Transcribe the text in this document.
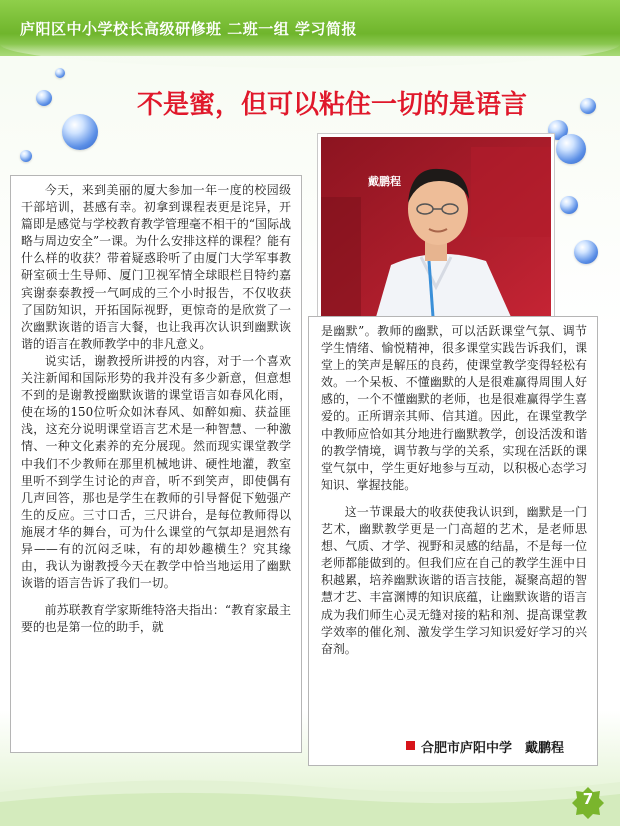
庐阳区中小学校长高级研修班 二班一组 学习简报
不是蜜，但可以粘住一切的是语言

今天，来到美丽的厦大参加一年一度的校园级干部培训，甚感有幸。初拿到课程表更是诧异，开篇即是感觉与学校教育教学管理毫不相干的“国际战略与周边安全”一课。为什么安排这样的课程？能有什么样的收获？带着疑惑聆听了由厦门大学军事教研室硕士生导师、厦门卫视军情全球眼栏目特约嘉宾谢泰泰教授一气呵成的三个小时报告，不仅收获了国防知识，开拓国际视野，更惊奇的是欣赏了一次幽默诙谐的语言大餐，也让我再次认识到幽默诙谐的语言在教师教学中的非凡意义。

说实话，谢教授所讲授的内容，对于一个喜欢关注新闻和国际形势的我并没有多少新意，但意想不到的是谢教授幽默诙谐的课堂语言如春风化雨，使在场的150位听众如沐春风、如醉如痴、获益匪浅，这充分说明课堂语言艺术是一种智慧、一种激情、一种文化素养的充分展现。然而现实课堂教学中我们不少教师在那里机械地讲、硬性地灌，教室里听不到学生讨论的声音，听不到笑声，即使偶有几声回答，那也是学生在教师的引导督促下勉强产生的反应。三寸口舌，三尺讲台，是每位教师得以施展才华的舞台，可为什么课堂的气氛却是迥然有异——有的沉闷乏味，有的却妙趣横生？究其缘由，我认为谢教授今天在教学中恰当地运用了幽默诙谐的语言告诉了我们一切。

前苏联教育学家斯维特洛夫指出：“教育家最主要的也是第一位的助手，就

戴鹏程

是幽默”。教师的幽默，可以活跃课堂气氛、调节学生情绪、愉悦精神，很多课堂实践告诉我们，课堂上的笑声是解压的良药，使课堂教学变得轻松有效。一个呆板、不懂幽默的人是很难赢得周围人好感的，一个不懂幽默的老师，也是很难赢得学生喜爱的。正所谓亲其师、信其道。因此，在课堂教学中教师应恰如其分地进行幽默教学，创设活泼和谐的教学情境，调节教与学的关系，实现在活跃的课堂气氛中，学生更好地参与互动，以积极心态学习知识、掌握技能。

这一节课最大的收获使我认识到，幽默是一门艺术，幽默教学更是一门高超的艺术，是老师思想、气质、才学、视野和灵感的结晶，不是每一位老师都能做到的。但我们应在自己的教学生涯中日积越累，培养幽默诙谐的语言技能，凝聚高超的智慧才艺、丰富渊博的知识底蕴，让幽默诙谐的语言成为我们师生心灵无缝对接的粘和剂、提高课堂教学效率的催化剂、激发学生学习知识爱好学习的兴奋剂。

合肥市庐阳中学　戴鹏程
7
